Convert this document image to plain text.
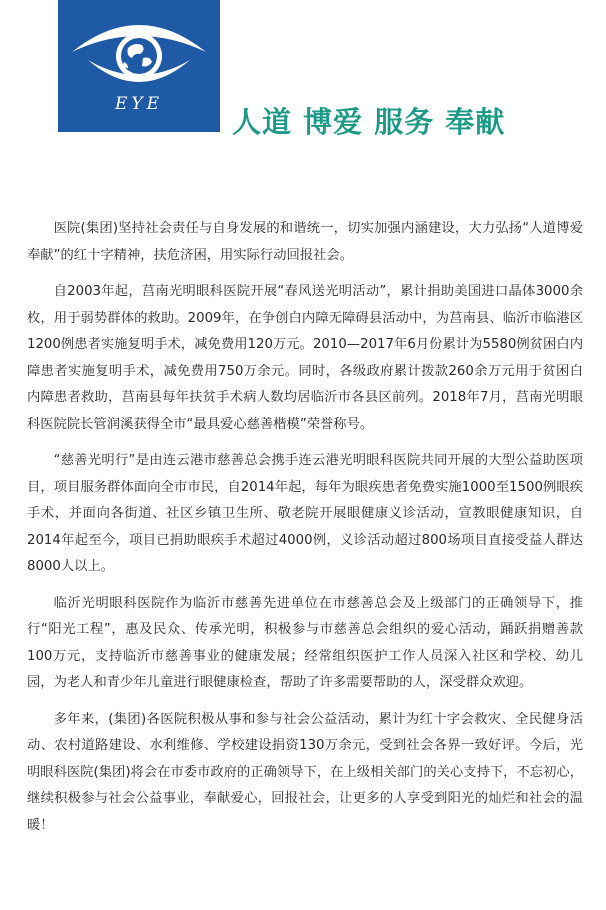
EYE
人道 博爱 服务 奉献

医院(集团)坚持社会责任与自身发展的和谐统一，切实加强内涵建设，大力弘扬“人道博爱奉献”的红十字精神，扶危济困，用实际行动回报社会。

自2003年起，莒南光明眼科医院开展“春风送光明活动”，累计捐助美国进口晶体3000余枚，用于弱势群体的救助。2009年，在争创白内障无障碍县活动中，为莒南县、临沂市临港区1200例患者实施复明手术，减免费用120万元。2010—2017年6月份累计为5580例贫困白内障患者实施复明手术，减免费用750万余元。同时，各级政府累计拨款260余万元用于贫困白内障患者救助，莒南县每年扶贫手术病人数均居临沂市各县区前列。2018年7月，莒南光明眼科医院院长管润溪获得全市“最具爱心慈善楷模”荣誉称号。

“慈善光明行”是由连云港市慈善总会携手连云港光明眼科医院共同开展的大型公益助医项目，项目服务群体面向全市市民，自2014年起，每年为眼疾患者免费实施1000至1500例眼疾手术，并面向各街道、社区乡镇卫生所、敬老院开展眼健康义诊活动，宣教眼健康知识，自2014年起至今，项目已捐助眼疾手术超过4000例，义诊活动超过800场项目直接受益人群达8000人以上。

临沂光明眼科医院作为临沂市慈善先进单位在市慈善总会及上级部门的正确领导下，推行“阳光工程”，惠及民众、传承光明，积极参与市慈善总会组织的爱心活动，踊跃捐赠善款100万元，支持临沂市慈善事业的健康发展；经常组织医护工作人员深入社区和学校、幼儿园，为老人和青少年儿童进行眼健康检查，帮助了许多需要帮助的人，深受群众欢迎。

多年来，(集团)各医院积极从事和参与社会公益活动，累计为红十字会救灾、全民健身活动、农村道路建设、水利维修、学校建设捐资130万余元，受到社会各界一致好评。今后，光明眼科医院(集团)将会在市委市政府的正确领导下，在上级相关部门的关心支持下，不忘初心，继续积极参与社会公益事业，奉献爱心，回报社会，让更多的人享受到阳光的灿烂和社会的温暖！
